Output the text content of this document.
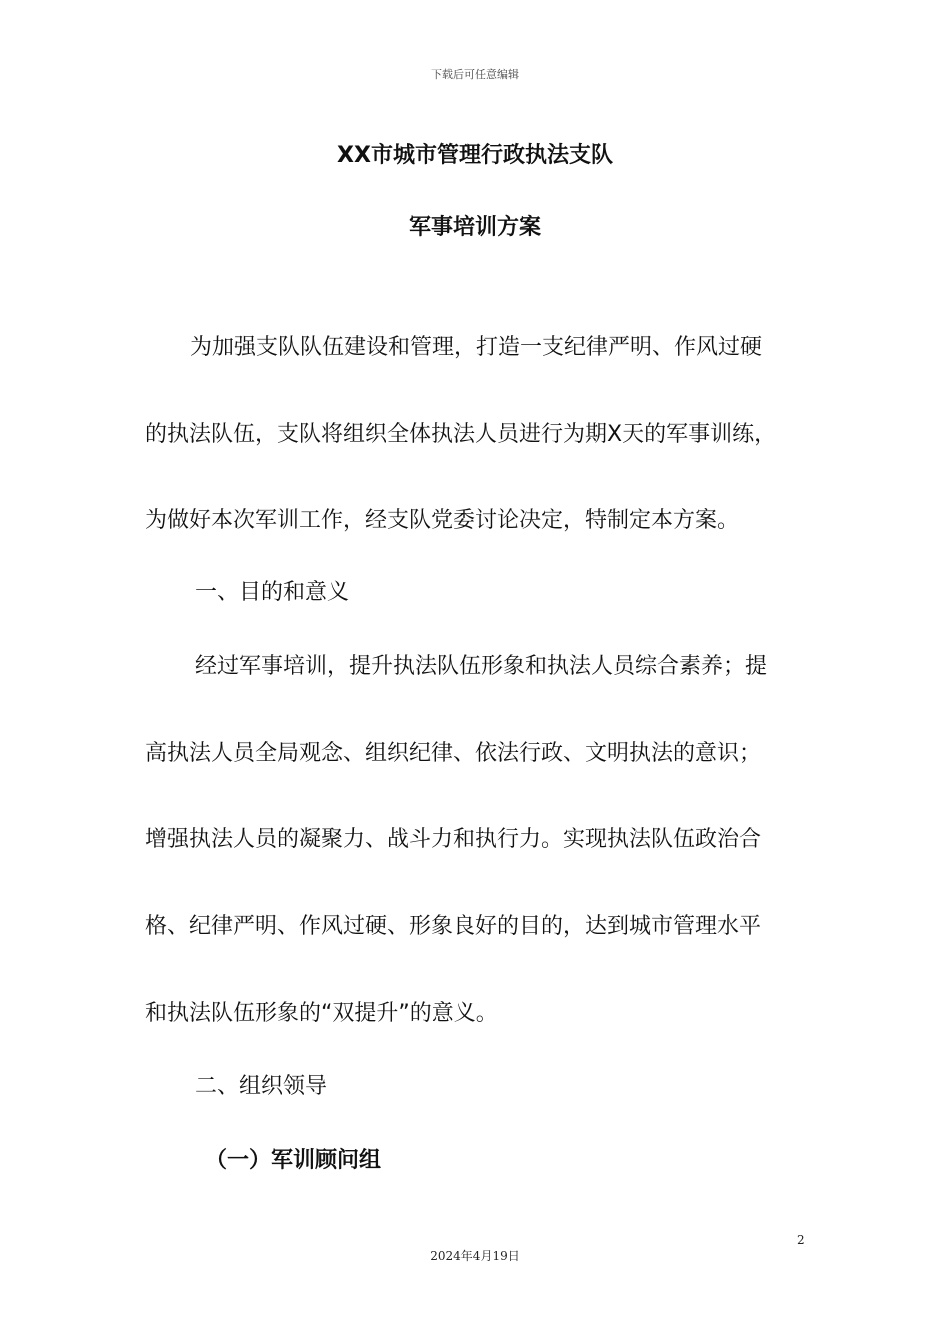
下载后可任意编辑
XX市城市管理行政执法支队
军事培训方案
为加强支队队伍建设和管理，打造一支纪律严明、作风过硬
的执法队伍，支队将组织全体执法人员进行为期X天的军事训练，
为做好本次军训工作，经支队党委讨论决定，特制定本方案。
一、目的和意义
经过军事培训，提升执法队伍形象和执法人员综合素养；提
高执法人员全局观念、组织纪律、依法行政、文明执法的意识；
增强执法人员的凝聚力、战斗力和执行力。实现执法队伍政治合
格、纪律严明、作风过硬、形象良好的目的，达到城市管理水平
和执法队伍形象的“双提升”的意义。
二、组织领导
（一）军训顾问组
2
2024年4月19日
